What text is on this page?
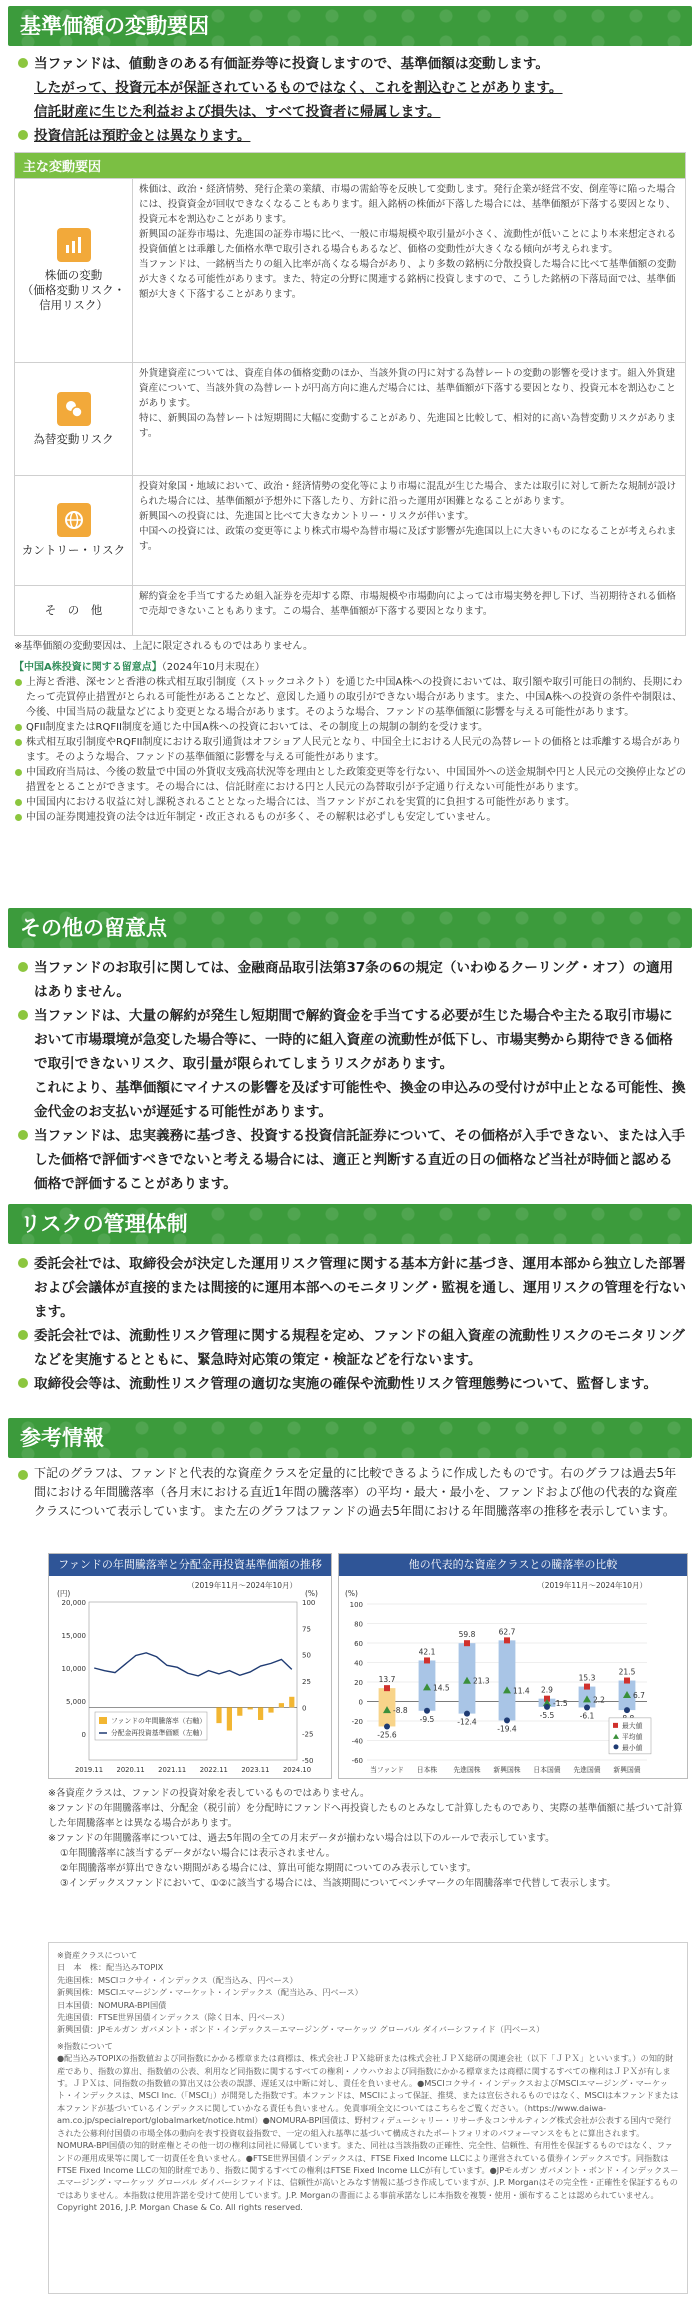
基準価額の変動要因
当ファンドは、値動きのある有価証券等に投資しますので、基準価額は変動します。
したがって、投資元本が保証されているものではなく、これを割込むことがあります。
信託財産に生じた利益および損失は、すべて投資者に帰属します。
投資信託は預貯金とは異なります。
主な変動要因
株価の変動
（価格変動リスク・
信用リスク）
株価は、政治・経済情勢、発行企業の業績、市場の需給等を反映して変動します。発行企業が経営不安、倒産等に陥った場合には、投資資金が回収できなくなることもあります。組入銘柄の株価が下落した場合には、基準価額が下落する要因となり、投資元本を割込むことがあります。
新興国の証券市場は、先進国の証券市場に比べ、一般に市場規模や取引量が小さく、流動性が低いことにより本来想定される投資価値とは乖離した価格水準で取引される場合もあるなど、価格の変動性が大きくなる傾向が考えられます。
当ファンドは、一銘柄当たりの組入比率が高くなる場合があり、より多数の銘柄に分散投資した場合に比べて基準価額の変動が大きくなる可能性があります。また、特定の分野に関連する銘柄に投資しますので、こうした銘柄の下落局面では、基準価額が大きく下落することがあります。
為替変動リスク
外貨建資産については、資産自体の価格変動のほか、当該外貨の円に対する為替レートの変動の影響を受けます。組入外貨建資産について、当該外貨の為替レートが円高方向に進んだ場合には、基準価額が下落する要因となり、投資元本を割込むことがあります。
特に、新興国の為替レートは短期間に大幅に変動することがあり、先進国と比較して、相対的に高い為替変動リスクがあります。
カントリー・リスク
投資対象国・地域において、政治・経済情勢の変化等により市場に混乱が生じた場合、または取引に対して新たな規制が設けられた場合には、基準価額が予想外に下落したり、方針に沿った運用が困難となることがあります。
新興国への投資には、先進国と比べて大きなカントリー・リスクが伴います。
中国への投資には、政策の変更等により株式市場や為替市場に及ぼす影響が先進国以上に大きいものになることが考えられます。
そ　の　他
解約資金を手当てするため組入証券を売却する際、市場規模や市場動向によっては市場実勢を押し下げ、当初期待される価格で売却できないこともあります。この場合、基準価額が下落する要因となります。
※基準価額の変動要因は、上記に限定されるものではありません。
【中国A株投資に関する留意点】（2024年10月末現在）
上海と香港、深センと香港の株式相互取引制度（ストックコネクト）を通じた中国A株への投資においては、取引額や取引可能日の制約、長期にわたって売買停止措置がとられる可能性があることなど、意図した通りの取引ができない場合があります。また、中国A株への投資の条件や制限は、今後、中国当局の裁量などにより変更となる場合があります。そのような場合、ファンドの基準価額に影響を与える可能性があります。
QFII制度またはRQFII制度を通じた中国A株への投資においては、その制度上の規制の制約を受けます。
株式相互取引制度やRQFII制度における取引通貨はオフショア人民元となり、中国全土における人民元の為替レートの価格とは乖離する場合があります。そのような場合、ファンドの基準価額に影響を与える可能性があります。
中国政府当局は、今後の数量で中国の外貨収支残高状況等を理由とした政策変更等を行ない、中国国外への送金規制や円と人民元の交換停止などの措置をとることができます。その場合には、信託財産における円と人民元の為替取引が予定通り行えない可能性があります。
中国国内における収益に対し課税されることとなった場合には、当ファンドがこれを実質的に負担する可能性があります。
中国の証券関連投資の法令は近年制定・改正されるものが多く、その解釈は必ずしも安定していません。
その他の留意点
当ファンドのお取引に関しては、金融商品取引法第37条の6の規定（いわゆるクーリング・オフ）の適用はありません。
当ファンドは、大量の解約が発生し短期間で解約資金を手当てする必要が生じた場合や主たる取引市場において市場環境が急変した場合等に、一時的に組入資産の流動性が低下し、市場実勢から期待できる価格で取引できないリスク、取引量が限られてしまうリスクがあります。
これにより、基準価額にマイナスの影響を及ぼす可能性や、換金の申込みの受付けが中止となる可能性、換金代金のお支払いが遅延する可能性があります。
当ファンドは、忠実義務に基づき、投資する投資信託証券について、その価格が入手できない、または入手した価格で評価すべきでないと考える場合には、適正と判断する直近の日の価格など当社が時価と認める価格で評価することがあります。
リスクの管理体制
委託会社では、取締役会が決定した運用リスク管理に関する基本方針に基づき、運用本部から独立した部署および会議体が直接的または間接的に運用本部へのモニタリング・監視を通し、運用リスクの管理を行ないます。
委託会社では、流動性リスク管理に関する規程を定め、ファンドの組入資産の流動性リスクのモニタリングなどを実施するとともに、緊急時対応策の策定・検証などを行ないます。
取締役会等は、流動性リスク管理の適切な実施の確保や流動性リスク管理態勢について、監督します。
参考情報
下記のグラフは、ファンドと代表的な資産クラスを定量的に比較できるように作成したものです。右のグラフは過去5年間における年間騰落率（各月末における直近1年間の騰落率）の平均・最大・最小を、ファンドおよび他の代表的な資産クラスについて表示しています。また左のグラフはファンドの過去5年間における年間騰落率の推移を表示しています。
ファンドの年間騰落率と分配金再投資基準価額の推移
（2019年11月～2024年10月）
(円)	(%)
20,000
15,000
10,000
5,000
0
100
75
50
25
0
-25
-50
2019.11 2020.11 2021.11 2022.11 2023.11 2024.10
ファンドの年間騰落率（右軸）
分配金再投資基準価額（左軸）
他の代表的な資産クラスとの騰落率の比較
（2019年11月～2024年10月）
(%)
100
80
60
40
20
0
-20
-40
-60
13.7
-8.8
-25.6
当ファンド
42.1
14.5
-9.5
日本株
59.8
21.3
-12.4
先進国株
62.7
11.4
-19.4
新興国株
2.9
-1.5
-5.5
日本国債
15.3
2.2
-6.1
先進国債
21.5
6.7
新興国債
最大値
平均値
最小値
※各資産クラスは、ファンドの投資対象を表しているものではありません。
※ファンドの年間騰落率は、分配金（税引前）を分配時にファンドへ再投資したものとみなして計算したものであり、実際の基準価額に基づいて計算した年間騰落率とは異なる場合があります。
※ファンドの年間騰落率については、過去5年間の全ての月末データが揃わない場合は以下のルールで表示しています。
①年間騰落率に該当するデータがない場合には表示されません。
②年間騰落率が算出できない期間がある場合には、算出可能な期間についてのみ表示しています。
③インデックスファンドにおいて、①②に該当する場合には、当該期間についてベンチマークの年間騰落率で代替して表示します。
※資産クラスについて
日　本　株：配当込みTOPIX
先進国株：MSCIコクサイ・インデックス（配当込み、円ベース）
新興国株：MSCIエマージング・マーケット・インデックス（配当込み、円ベース）
日本国債：NOMURA-BPI国債
先進国債：FTSE世界国債インデックス（除く日本、円ベース）
新興国債：JPモルガン ガバメント・ボンド・インデックス－エマージング・マーケッツ グローバル ダイバーシファイド（円ベース）
※指数について
●配当込みTOPIXの指数値および同指数にかかる標章または商標は、株式会社ＪＰＸ総研または株式会社ＪＰＸ総研の関連会社（以下「ＪＰＸ」といいます。）の知的財産であり、指数の算出、指数値の公表、利用など同指数に関するすべての権利・ノウハウおよび同指数にかかる標章または商標に関するすべての権利はＪＰＸが有します。ＪＰＸは、同指数の指数値の算出又は公表の誤謬、遅延又は中断に対し、責任を負いません。●MSCIコクサイ・インデックスおよびMSCIエマージング・マーケット・インデックスは、MSCI Inc.（「MSCI」）が開発した指数です。本ファンドは、MSCIによって保証、推奨、または宣伝されるものではなく、MSCIは本ファンドまたは本ファンドが基づいているインデックスに関していかなる責任も負いません。免責事項全文についてはこちらをご覧ください。（https://www.daiwa-am.co.jp/specialreport/globalmarket/notice.html）●NOMURA-BPI国債は、野村フィデューシャリー・リサーチ＆コンサルティング株式会社が公表する国内で発行された公募利付国債の市場全体の動向を表す投資収益指数で、一定の組入れ基準に基づいて構成されたポートフォリオのパフォーマンスをもとに算出されます。NOMURA-BPI国債の知的財産権とその他一切の権利は同社に帰属しています。また、同社は当該指数の正確性、完全性、信頼性、有用性を保証するものではなく、ファンドの運用成果等に関して一切責任を負いません。●FTSE世界国債インデックスは、FTSE Fixed Income LLCにより運営されている債券インデックスです。同指数はFTSE Fixed Income LLCの知的財産であり、指数に関するすべての権利はFTSE Fixed Income LLCが有しています。●JPモルガン ガバメント・ボンド・インデックス－エマージング・マーケッツ グローバル ダイバーシファイドは、信頼性が高いとみなす情報に基づき作成していますが、J.P. Morganはその完全性・正確性を保証するものではありません。本指数は使用許諾を受けて使用しています。J.P. Morganの書面による事前承諾なしに本指数を複製・使用・頒布することは認められていません。Copyright 2016, J.P. Morgan Chase & Co. All rights reserved.
